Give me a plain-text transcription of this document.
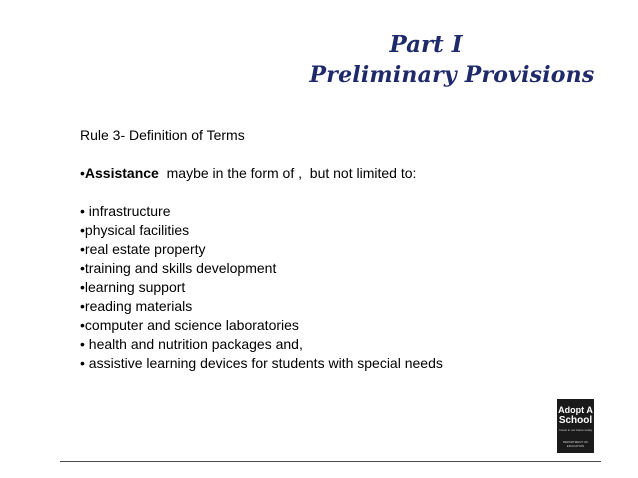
Part I
Preliminary Provisions
Rule 3- Definition of Terms
•Assistance  maybe in the form of ,  but not limited to:
• infrastructure
•physical facilities
•real estate property
•training and skills development
•learning support
•reading materials
•computer and science laboratories
• health and nutrition packages and,
• assistive learning devices for students with special needs
Adopt A
School
Invest in our future today
DEPARTMENT OF EDUCATION
